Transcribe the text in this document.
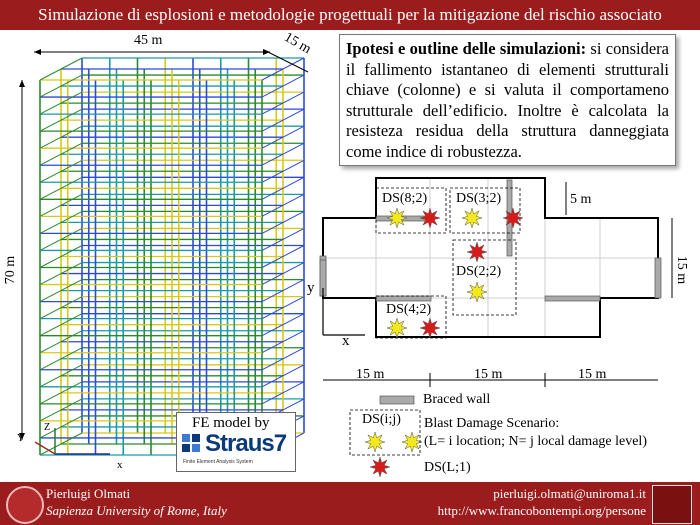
Simulazione di esplosioni e metodologie progettuali per la mitigazione del rischio associato
45 m	15 m
70 m
Z
Y
x
FE model by
Straus7
Finite Element Analysis System
Ipotesi e outline delle simulazioni: si considera il fallimento istantaneo di elementi strutturali chiave (colonne) e si valuta il comportameno strutturale dell’edificio. Inoltre è calcolata la resisteza residua della struttura danneggiata come indice di robustezza.
DS(8;2) DS(3;2)
DS(2;2)
DS(4;2)
5 m
15 m
15 m	15 m	15 m
y
x
Braced wall
DS(i;j) Blast Damage Scenario:
(L= i location; N= j local damage level)
DS(L;1)
Pierluigi Olmati
Sapienza University of Rome, Italy
pierluigi.olmati@uniroma1.it
http://www.francobontempi.org/persone
